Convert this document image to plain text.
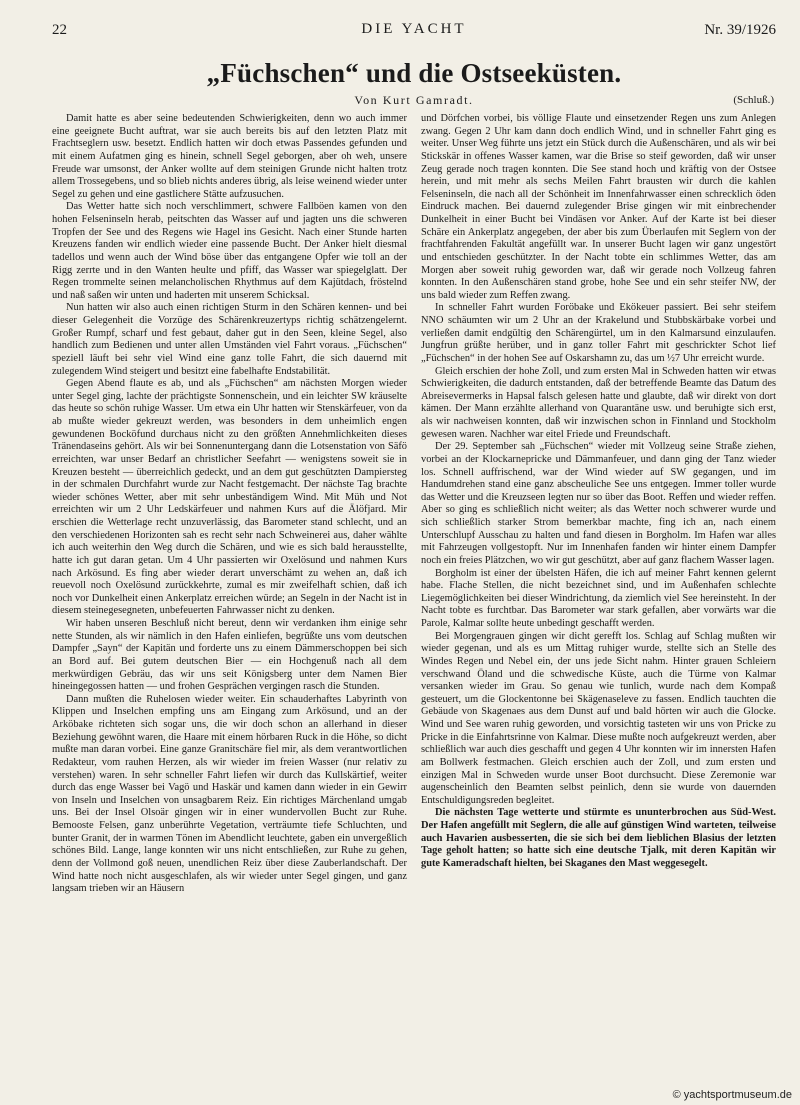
22	DIE YACHT	Nr. 39/1926
„Füchschen“ und die Ostseeküsten.
Von Kurt Gamradt.	(Schluß.)

Damit hatte es aber seine bedeutenden Schwierigkeiten, denn wo auch immer eine geeignete Bucht auftrat, war sie auch bereits bis auf den letzten Platz mit Frachtseglern usw. besetzt. Endlich hatten wir doch etwas Passendes gefunden und mit einem Aufatmen ging es hinein, schnell Segel geborgen, aber oh weh, unsere Freude war umsonst, der Anker wollte auf dem steinigen Grunde nicht halten trotz allem Trossegebens, und so blieb nichts anderes übrig, als leise weinend wieder unter Segel zu gehen und eine gastlichere Stätte aufzusuchen.

Das Wetter hatte sich noch verschlimmert, schwere Fallböen kamen von den hohen Felseninseln herab, peitschten das Wasser auf und jagten uns die schweren Tropfen der See und des Regens wie Hagel ins Gesicht. Nach einer Stunde harten Kreuzens fanden wir endlich wieder eine passende Bucht. Der Anker hielt diesmal tadellos und wenn auch der Wind böse über das entgangene Opfer wie toll an der Rigg zerrte und in den Wanten heulte und pfiff, das Wasser war spiegelglatt. Der Regen trommelte seinen melancholischen Rhythmus auf dem Kajütdach, fröstelnd und naß saßen wir unten und haderten mit unserem Schicksal.

Nun hatten wir also auch einen richtigen Sturm in den Schären kennen- und bei dieser Gelegenheit die Vorzüge des Schärenkreuzertyps richtig schätzengelernt. Großer Rumpf, scharf und fest gebaut, daher gut in den Seen, kleine Segel, also handlich zum Bedienen und unter allen Umständen viel Fahrt voraus. „Füchschen“ speziell läuft bei sehr viel Wind eine ganz tolle Fahrt, die sich dauernd mit zulegendem Wind steigert und besitzt eine fabelhafte Endstabilität.

Gegen Abend flaute es ab, und als „Füchschen“ am nächsten Morgen wieder unter Segel ging, lachte der prächtigste Sonnenschein, und ein leichter SW kräuselte das heute so schön ruhige Wasser. Um etwa ein Uhr hatten wir Stenskärfeuer, von da ab mußte wieder gekreuzt werden, was besonders in dem unheimlich engen gewundenen Bocköfund durchaus nicht zu den größten Annehmlichkeiten dieses Tränendaseins gehört. Als wir bei Sonnenuntergang dann die Lotsenstation von Säfö erreichten, war unser Bedarf an christlicher Seefahrt — wenigstens soweit sie in Kreuzen besteht — überreichlich gedeckt, und an dem gut geschützten Dampiersteg in der schmalen Durchfahrt wurde zur Nacht festgemacht. Der nächste Tag brachte wieder schönes Wetter, aber mit sehr unbeständigem Wind. Mit Müh und Not erreichten wir um 2 Uhr Ledskärfeuer und nahmen Kurs auf die Älöfjard. Mir erschien die Wetterlage recht unzuverlässig, das Barometer stand schlecht, und an den verschiedenen Horizonten sah es recht sehr nach Schweinerei aus, daher wählte ich auch weiterhin den Weg durch die Schären, und wie es sich bald herausstellte, hatte ich gut daran getan. Um 4 Uhr passierten wir Oxelösund und nahmen Kurs nach Arkösund. Es fing aber wieder derart unverschämt zu wehen an, daß ich reuevoll noch Oxelösund zurückkehrte, zumal es mir zweifelhaft schien, daß ich noch vor Dunkelheit einen Ankerplatz erreichen würde; an Segeln in der Nacht ist in diesem steinegesegneten, unbefeuerten Fahrwasser nicht zu denken.

Wir haben unseren Beschluß nicht bereut, denn wir verdanken ihm einige sehr nette Stunden, als wir nämlich in den Hafen einliefen, begrüßte uns vom deutschen Dampfer „Sayn“ der Kapitän und forderte uns zu einem Dämmerschoppen bei sich an Bord auf. Bei gutem deutschen Bier — ein Hochgenuß nach all dem merkwürdigen Gebräu, das wir uns seit Königsberg unter dem Namen Bier hineingegossen hatten — und frohen Gesprächen vergingen rasch die Stunden.

Dann mußten die Ruhelosen wieder weiter. Ein schauderhaftes Labyrinth von Klippen und Inselchen empfing uns am Eingang zum Arkösund, und an der Arköbake richteten sich sogar uns, die wir doch schon an allerhand in dieser Beziehung gewöhnt waren, die Haare mit einem hörbaren Ruck in die Höhe, so dicht mußte man daran vorbei. Eine ganze Granitschäre fiel mir, als dem verantwortlichen Redakteur, vom rauhen Herzen, als wir wieder im freien Wasser (nur relativ zu verstehen) waren. In sehr schneller Fahrt liefen wir durch das Kullskärtief, weiter durch das enge Wasser bei Vagö und Haskär und kamen dann wieder in ein Gewirr von Inseln und Inselchen von unsagbarem Reiz. Ein richtiges Märchenland umgab uns. Bei der Insel Olsoär gingen wir in einer wundervollen Bucht zur Ruhe. Bemooste Felsen, ganz unberührte Vegetation, verträumte tiefe Schluchten, und bunter Granit, der in warmen Tönen im Abendlicht leuchtete, gaben ein unvergeßlich schönes Bild. Lange, lange konnten wir uns nicht entschließen, zur Ruhe zu gehen, denn der Vollmond goß neuen, unendlichen Reiz über diese Zauberlandschaft. Der Wind hatte noch nicht ausgeschlafen, als wir wieder unter Segel gingen, und ganz langsam trieben wir an Häusern

und Dörfchen vorbei, bis völlige Flaute und einsetzender Regen uns zum Anlegen zwang. Gegen 2 Uhr kam dann doch endlich Wind, und in schneller Fahrt ging es weiter. Unser Weg führte uns jetzt ein Stück durch die Außenschären, und als wir bei Stickskär in offenes Wasser kamen, war die Brise so steif geworden, daß wir unser Zeug gerade noch tragen konnten. Die See stand hoch und kräftig von der Ostsee herein, und mit mehr als sechs Meilen Fahrt brausten wir durch die kahlen Felseninseln, die nach all der Schönheit im Innenfahrwasser einen schrecklich öden Eindruck machen. Bei dauernd zulegender Brise gingen wir mit einbrechender Dunkelheit in einer Bucht bei Vindäsen vor Anker. Auf der Karte ist bei dieser Schäre ein Ankerplatz angegeben, der aber bis zum Überlaufen mit Seglern von der frachtfahrenden Fakultät angefüllt war. In unserer Bucht lagen wir ganz ungestört und entschieden geschützter. In der Nacht tobte ein schlimmes Wetter, das am Morgen aber soweit ruhig geworden war, daß wir gerade noch Vollzeug fahren konnten. In den Außenschären stand grobe, hohe See und ein sehr steifer NW, der uns bald wieder zum Reffen zwang.

In schneller Fahrt wurden Foröbake und Ekökeuer passiert. Bei sehr steifem NNO schäumten wir um 2 Uhr an der Krakelund und Stubbskärbake vorbei und verließen damit endgültig den Schärengürtel, um in den Kalmarsund einzulaufen. Jungfrun grüßte herüber, und in ganz toller Fahrt mit geschrickter Schot lief „Füchschen“ in der hohen See auf Oskarshamn zu, das um ½7 Uhr erreicht wurde.

Gleich erschien der hohe Zoll, und zum ersten Mal in Schweden hatten wir etwas Schwierigkeiten, die dadurch entstanden, daß der betreffende Beamte das Datum des Abreisevermerks in Hapsal falsch gelesen hatte und glaubte, daß wir direkt von dort kämen. Der Mann erzählte allerhand von Quarantäne usw. und beruhigte sich erst, als wir nachweisen konnten, daß wir inzwischen schon in Finnland und Stockholm gewesen waren. Nachher war eitel Friede und Freundschaft.

Der 29. September sah „Füchschen“ wieder mit Vollzeug seine Straße ziehen, vorbei an der Klockarnepricke und Dämmanfeuer, und dann ging der Tanz wieder los. Schnell auffrischend, war der Wind wieder auf SW gegangen, und im Handumdrehen stand eine ganz abscheuliche See uns entgegen. Immer toller wurde das Wetter und die Kreuzseen legten nur so über das Boot. Reffen und wieder reffen. Aber so ging es schließlich nicht weiter; als das Wetter noch schwerer wurde und sich schließlich starker Strom bemerkbar machte, fing ich an, nach einem Unterschlupf Ausschau zu halten und fand diesen in Borgholm. Im Hafen war alles mit Fahrzeugen vollgestopft. Nur im Innenhafen fanden wir hinter einem Dampfer noch ein freies Plätzchen, wo wir gut geschützt, aber auf ganz flachem Wasser lagen.

Borgholm ist einer der übelsten Häfen, die ich auf meiner Fahrt kennen gelernt habe. Flache Stellen, die nicht bezeichnet sind, und im Außenhafen schlechte Liegemöglichkeiten bei dieser Windrichtung, da ziemlich viel See hereinsteht. In der Nacht tobte es furchtbar. Das Barometer war stark gefallen, aber vorwärts war die Parole, Kalmar sollte heute unbedingt geschafft werden.

Bei Morgengrauen gingen wir dicht gerefft los. Schlag auf Schlag mußten wir wieder gegenan, und als es um Mittag ruhiger wurde, stellte sich an Stelle des Windes Regen und Nebel ein, der uns jede Sicht nahm. Hinter grauen Schleiern verschwand Öland und die schwedische Küste, auch die Türme von Kalmar versanken wieder im Grau. So genau wie tunlich, wurde nach dem Kompaß gesteuert, um die Glockentonne bei Skägenaseleve zu fassen. Endlich tauchten die Gebäude von Skagenaes aus dem Dunst auf und bald hörten wir auch die Glocke. Wind und See waren ruhig geworden, und vorsichtig tasteten wir uns von Pricke zu Pricke in die Einfahrtsrinne von Kalmar. Diese mußte noch aufgekreuzt werden, aber schließlich war auch dies geschafft und gegen 4 Uhr konnten wir im innersten Hafen am Bollwerk festmachen. Gleich erschien auch der Zoll, und zum ersten und einzigen Mal in Schweden wurde unser Boot durchsucht. Diese Zeremonie war augenscheinlich den Beamten selbst peinlich, denn sie wurde von dauernden Entschuldigungsreden begleitet.

Die nächsten Tage wetterte und stürmte es ununterbrochen aus Süd-West. Der Hafen angefüllt mit Seglern, die alle auf günstigen Wind warteten, teilweise auch Havarien ausbesserten, die sie sich bei dem lieblichen Blasius der letzten Tage geholt hatten; so hatte sich eine deutsche Tjalk, mit deren Kapitän wir gute Kameradschaft hielten, bei Skaganes den Mast weggesegelt.

© yachtsportmuseum.de
